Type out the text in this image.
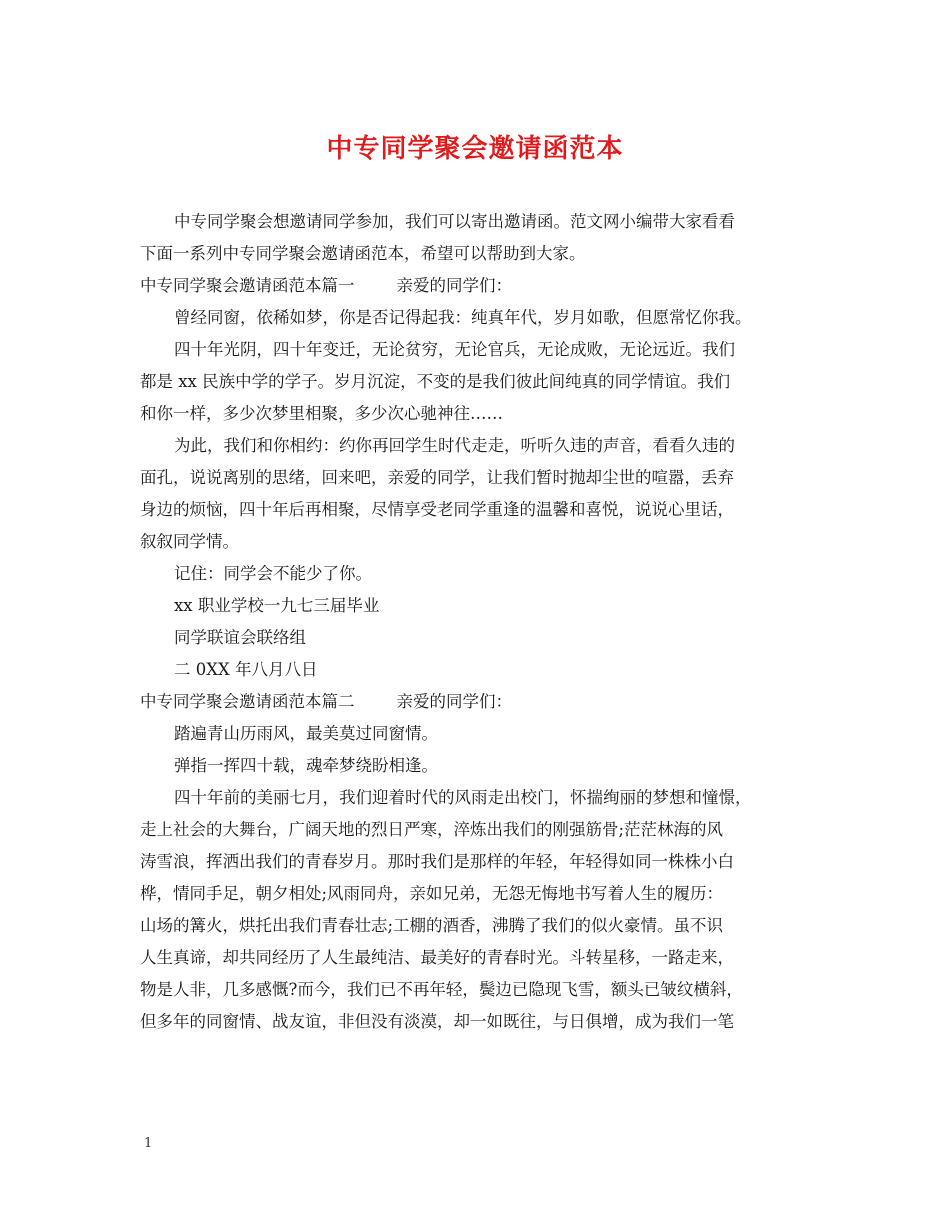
中专同学聚会邀请函范本
中专同学聚会想邀请同学参加，我们可以寄出邀请函。范文网小编带大家看看
下面一系列中专同学聚会邀请函范本，希望可以帮助到大家。
中专同学聚会邀请函范本篇一	亲爱的同学们：
曾经同窗，依稀如梦，你是否记得起我：纯真年代，岁月如歌，但愿常忆你我。
四十年光阴，四十年变迁，无论贫穷，无论官兵，无论成败，无论远近。我们
都是 xx 民族中学的学子。岁月沉淀，不变的是我们彼此间纯真的同学情谊。我们
和你一样，多少次梦里相聚，多少次心驰神往……
为此，我们和你相约：约你再回学生时代走走，听听久违的声音，看看久违的
面孔，说说离别的思绪，回来吧，亲爱的同学，让我们暂时抛却尘世的喧嚣，丢弃
身边的烦恼，四十年后再相聚，尽情享受老同学重逢的温馨和喜悦，说说心里话，
叙叙同学情。
记住：同学会不能少了你。
xx 职业学校一九七三届毕业
同学联谊会联络组
二 0XX 年八月八日
中专同学聚会邀请函范本篇二	亲爱的同学们：
踏遍青山历雨风，最美莫过同窗情。
弹指一挥四十载，魂牵梦绕盼相逢。
四十年前的美丽七月，我们迎着时代的风雨走出校门，怀揣绚丽的梦想和憧憬，
走上社会的大舞台，广阔天地的烈日严寒，淬炼出我们的刚强筋骨;茫茫林海的风
涛雪浪，挥洒出我们的青春岁月。那时我们是那样的年轻，年轻得如同一株株小白
桦，情同手足，朝夕相处;风雨同舟，亲如兄弟，无怨无悔地书写着人生的履历：
山场的篝火，烘托出我们青春壮志;工棚的酒香，沸腾了我们的似火豪情。虽不识
人生真谛，却共同经历了人生最纯洁、最美好的青春时光。斗转星移，一路走来，
物是人非，几多感慨?而今，我们已不再年轻，鬓边已隐现飞雪，额头已皱纹横斜，
但多年的同窗情、战友谊，非但没有淡漠，却一如既往，与日俱增，成为我们一笔
1
